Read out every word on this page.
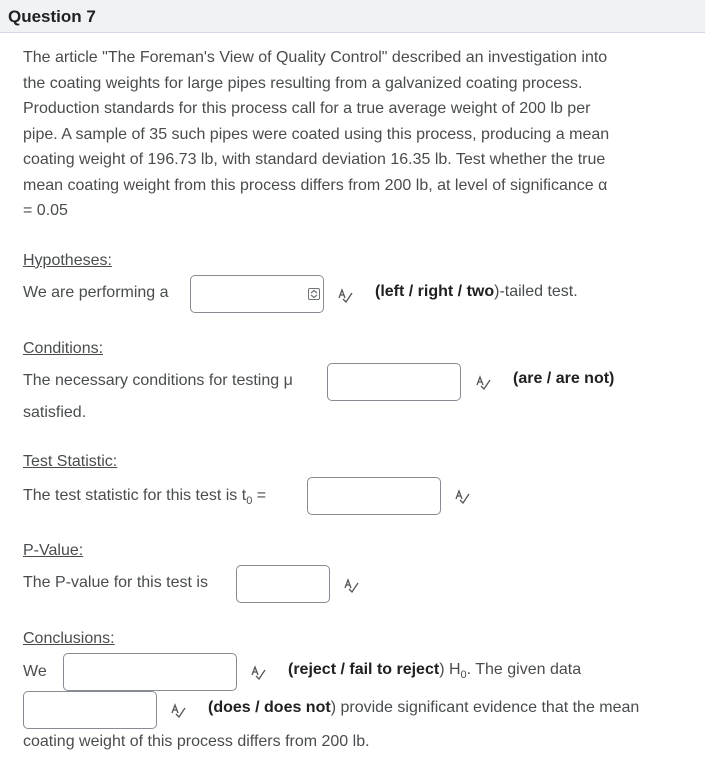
Question 7
The article "The Foreman's View of Quality Control" described an investigation into
the coating weights for large pipes resulting from a galvanized coating process.
Production standards for this process call for a true average weight of 200 lb per
pipe. A sample of 35 such pipes were coated using this process, producing a mean
coating weight of 196.73 lb, with standard deviation 16.35 lb. Test whether the true
mean coating weight from this process differs from 200 lb, at level of significance α
= 0.05
Hypotheses:
We are performing a	(left / right / two)-tailed test.
Conditions:
The necessary conditions for testing μ	(are / are not)
satisfied.
Test Statistic:
The test statistic for this test is $t_0$ =
P-Value:
The P-value for this test is
Conclusions:
We	(reject / fail to reject) $H_0$. The given data
(does / does not) provide significant evidence that the mean
coating weight of this process differs from 200 lb.
